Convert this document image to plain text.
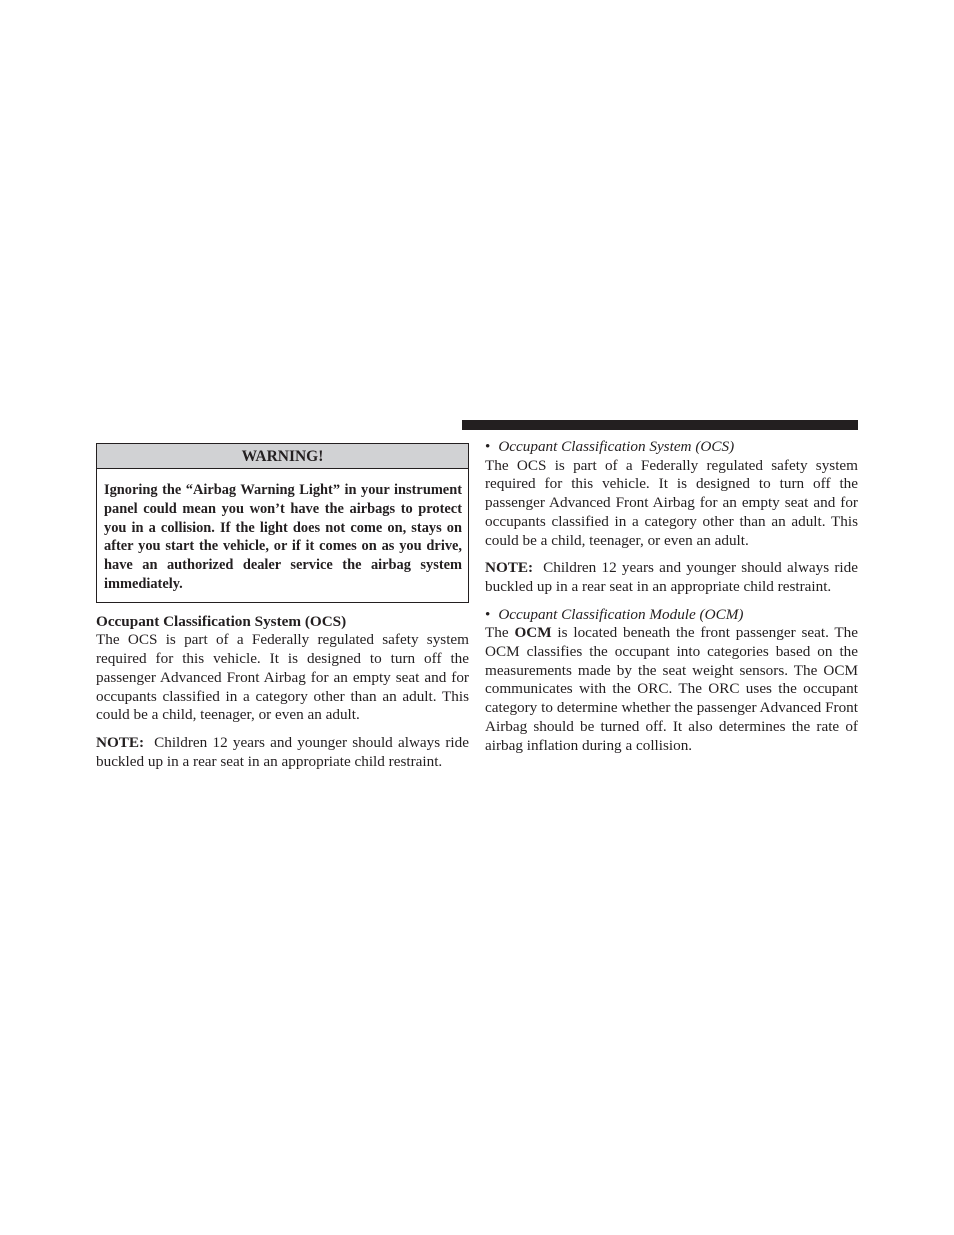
WARNING!
Ignoring the “Airbag Warning Light” in your instrument panel could mean you won’t have the airbags to protect you in a collision. If the light does not come on, stays on after you start the vehicle, or if it comes on as you drive, have an authorized dealer service the airbag system immediately.
Occupant Classification System (OCS)

The OCS is part of a Federally regulated safety system required for this vehicle. It is designed to turn off the passenger Advanced Front Airbag for an empty seat and for occupants classified in a category other than an adult. This could be a child, teenager, or even an adult.

NOTE: Children 12 years and younger should always ride buckled up in a rear seat in an appropriate child restraint.

• Occupant Classification System (OCS)

The OCS is part of a Federally regulated safety system required for this vehicle. It is designed to turn off the passenger Advanced Front Airbag for an empty seat and for occupants classified in a category other than an adult. This could be a child, teenager, or even an adult.

NOTE: Children 12 years and younger should always ride buckled up in a rear seat in an appropriate child restraint.

• Occupant Classification Module (OCM)

The OCM is located beneath the front passenger seat. The OCM classifies the occupant into categories based on the measurements made by the seat weight sensors. The OCM communicates with the ORC. The ORC uses the occupant category to determine whether the passenger Advanced Front Airbag should be turned off. It also determines the rate of airbag inflation during a collision.
